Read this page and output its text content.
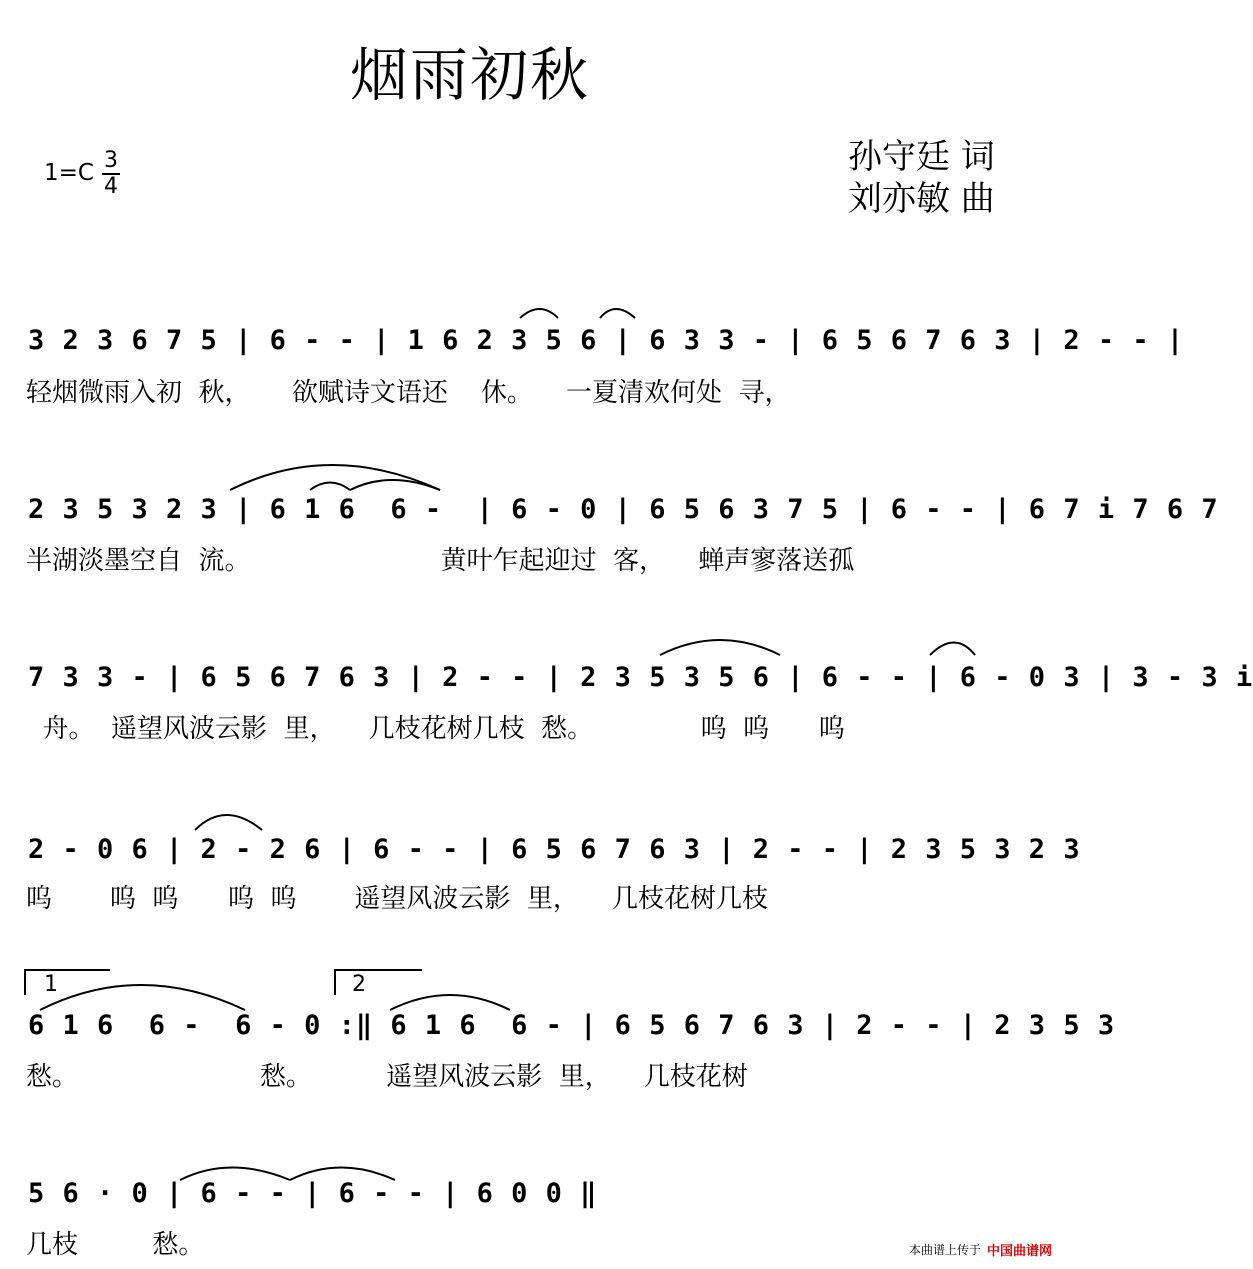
烟雨初秋
1=C 3
4
孙守廷 词
刘亦敏 曲
3 2 3 6 7 5 | 6 - - | 1 6 2 3 5 6 | 6 3 3 - | 6 5 6 7 6 3 | 2 - - |
轻烟微雨入初  秋，     欲赋诗文语还    休。    一夏清欢何处  寻，
2 3 5 3 2 3 | 6 1 6  6 -  | 6 - 0 | 6 5 6 3 7 5 | 6 - - | 6 7 i 7 6 7
半湖淡墨空自  流。                       黄叶乍起迎过  客，    蝉声寥落送孤
7 3 3 - | 6 5 6 7 6 3 | 2 - - | 2 3 5 3 5 6 | 6 - - | 6 - 0 3 | 3 - 3 i
舟。  遥望风波云影  里，    几枝花树几枝  愁。             呜  呜      呜
2 - 0 6 | 2 - 2 6 | 6 - - | 6 5 6 7 6 3 | 2 - - | 2 3 5 3 2 3
呜       呜  呜      呜  呜       遥望风波云影  里，    几枝花树几枝
6 1 6  6 -  6 - 0 :‖ 6 1 6  6 - | 6 5 6 7 6 3 | 2 - - | 2 3 5 3
愁。                      愁。         遥望风波云影  里，    几枝花树
1	2
5 6 · 0 | 6 - - | 6 - - | 6 0 0 ‖
几枝         愁。	本曲谱上传于 中国曲谱网
